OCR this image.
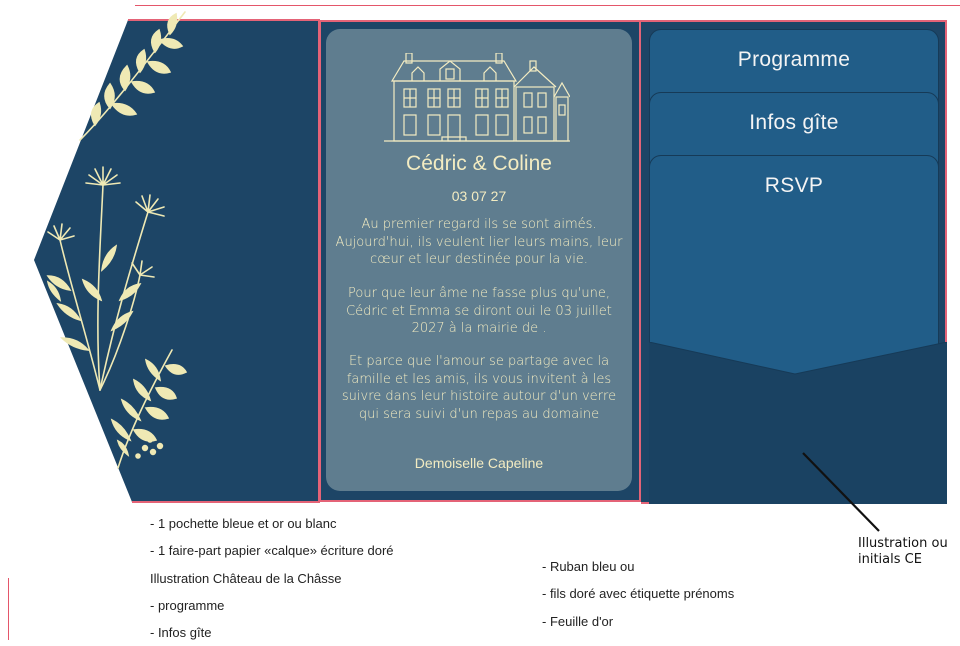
Cédric & Coline
03 07 27

Au premier regard ils se sont aimés. Aujourd'hui, ils veulent lier leurs mains, leur cœur et leur destinée pour la vie.

Pour que leur âme ne fasse plus qu'une, Cédric et Emma se diront oui le 03 juillet 2027 à la mairie de .

Et parce que l'amour se partage avec la famille et les amis, ils vous invitent à les suivre dans leur histoire autour d'un verre qui sera suivi d'un repas au domaine

Demoiselle Capeline
Programme
Infos gîte
RSVP
Illustration ou initials CE
- 1 pochette bleue et or ou blanc
- 1 faire-part papier «calque» écriture doré
Illustration Château de la Châsse
- programme
- Infos gîte
- Ruban bleu ou
- fils doré avec étiquette prénoms
- Feuille d'or
